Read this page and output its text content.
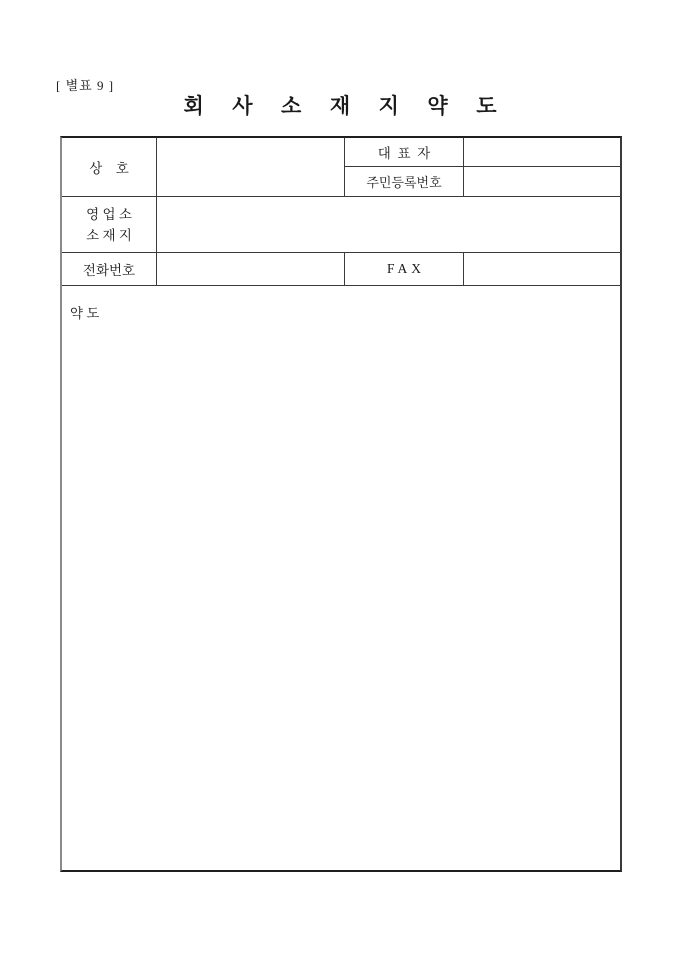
[ 별표 9 ]
회  사  소  재  지  약  도
상    호
대  표  자
주민등록번호
영 업 소
소 재 지
전화번호	FAX
약 도
